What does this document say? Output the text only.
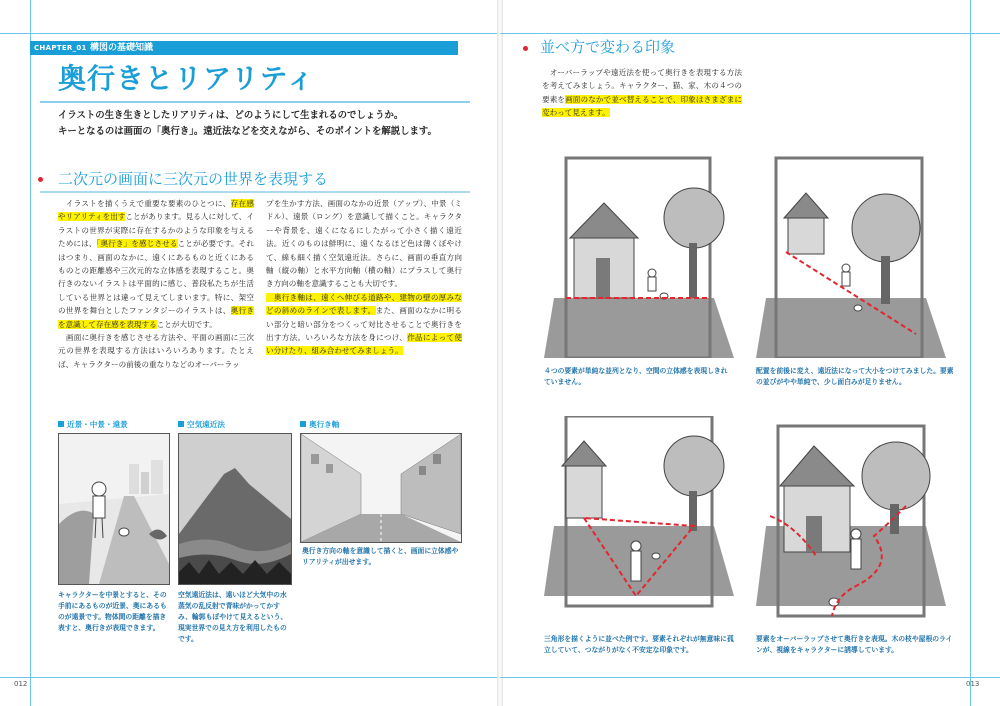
CHAPTER_01 構図の基礎知識
奥行きとリアリティ
イラストの生き生きとしたリアリティは、どのようにして生まれるのでしょうか。
キーとなるのは画面の「奥行き」。遠近法などを交えながら、そのポイントを解説します。
二次元の画面に三次元の世界を表現する
　イラストを描くうえで重要な要素のひとつに、存在感やリアリティを出すことがあります。見る人に対して、イラストの世界が実際に存在するかのような印象を与えるためには、「奥行き」を感じさせることが必要です。それはつまり、画面のなかに、遠くにあるものと近くにあるものとの距離感や三次元的な立体感を表現すること。奥行きのないイラストは平面的に感じ、普段私たちが生活している世界とは違って見えてしまいます。特に、架空の世界を舞台としたファンタジーのイラストは、奥行きを意識して存在感を表現することが大切です。
　画面に奥行きを感じさせる方法や、平面の画面に三次元の世界を表現する方法はいろいろあります。たとえば、キャラクターの前後の重なりなどのオーバーラッ
プを生かす方法、画面のなかの近景（アップ）、中景（ミドル）、遠景（ロング）を意識して描くこと。キャラクターや背景を、遠くになるにしたがって小さく描く遠近法。近くのものは鮮明に、遠くなるほど色は薄くぼやけて、線も細く描く空気遠近法。さらに、画面の垂直方向軸（縦の軸）と水平方向軸（横の軸）にプラスして奥行き方向の軸を意識することも大切です。
　奥行き軸は、遠くへ伸びる道路や、建物の壁の厚みなどの斜めのラインで表します。また、画面のなかに明るい部分と暗い部分をつくって対比させることで奥行きを出す方法。いろいろな方法を身につけ、作品によって使い分けたり、組み合わせてみましょう。
近景・中景・遠景
キャラクターを中景とすると、その手前にあるものが近景、奥にあるものが遠景です。物体間の距離を描き表すと、奥行きが表現できます。
空気遠近法
空気遠近法は、遠いほど大気中の水蒸気の乱反射で青味がかってかすみ、輪郭もぼやけて見えるという、現実世界での見え方を利用したものです。
奥行き軸
奥行き方向の軸を意識して描くと、画面に立体感やリアリティが出せます。
012
並べ方で変わる印象
　オーバーラップや遠近法を使って奥行きを表現する方法を考えてみましょう。キャラクター、猫、家、木の４つの要素を画面のなかで並べ替えることで、印象はさまざまに変わって見えます。
４つの要素が単純な並列となり、空間の立体感を表現しきれていません。
配置を前後に変え、遠近法になって大小をつけてみました。要素の並びがやや単純で、少し面白みが足りません。
三角形を描くように並べた例です。要素それぞれが無意味に孤立していて、つながりがなく不安定な印象です。
要素をオーバーラップさせて奥行きを表現。木の枝や屋根のラインが、視線をキャラクターに誘導しています。
013
